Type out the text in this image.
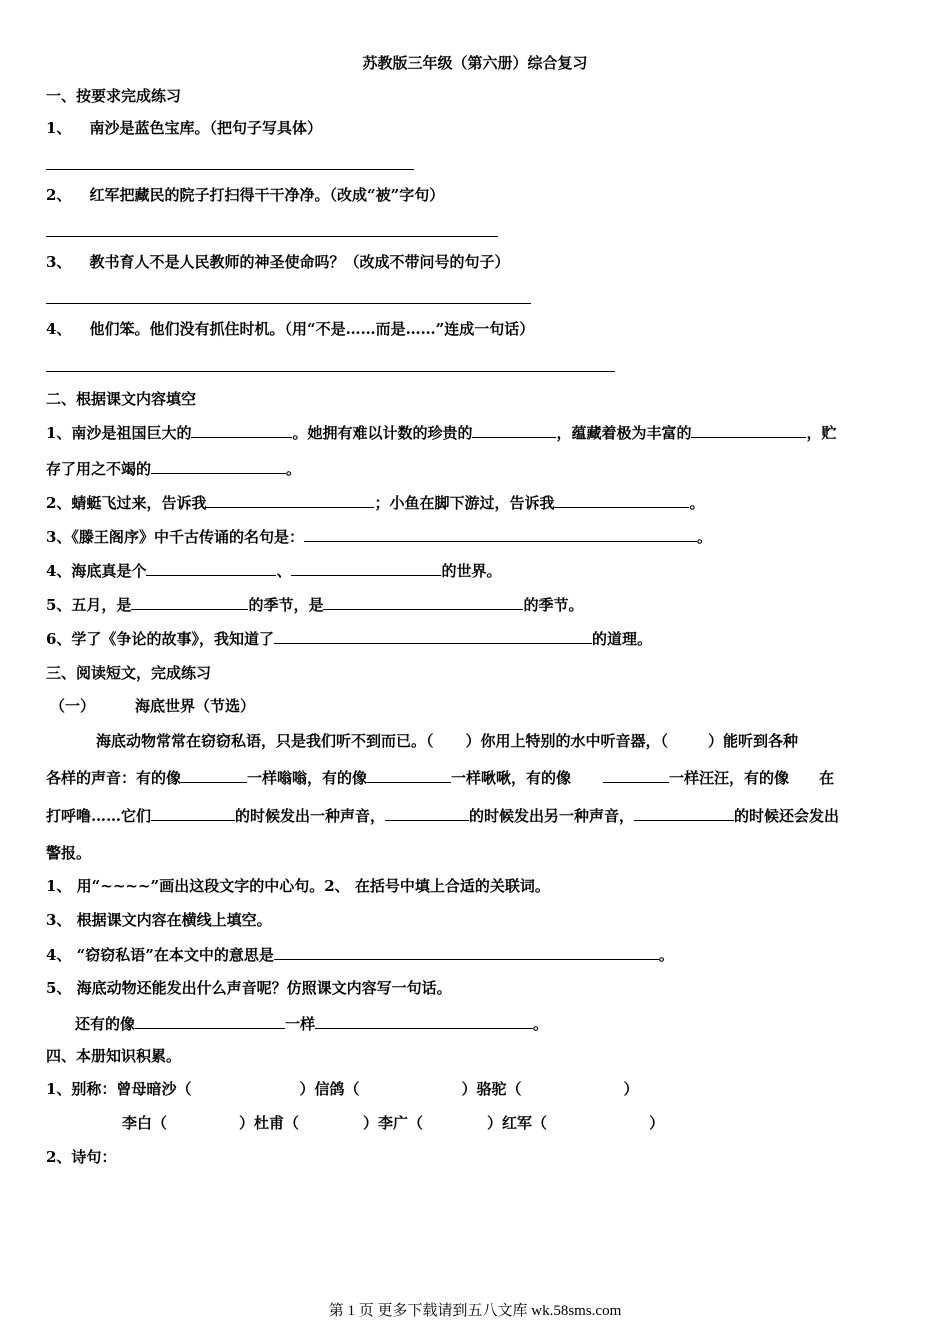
苏教版三年级（第六册）综合复习
一、按要求完成练习
1、 南沙是蓝色宝库。（把句子写具体）
2、 红军把藏民的院子打扫得干干净净。（改成“被”字句）
3、 教书育人不是人民教师的神圣使命吗？（改成不带问号的句子）
4、 他们笨。他们没有抓住时机。（用“不是……而是……”连成一句话）
二、根据课文内容填空
1、南沙是祖国巨大的	。她拥有难以计数的珍贵的	，蕴藏着极为丰富的	，贮
存了用之不竭的	。
2、蜻蜓飞过来，告诉我	；小鱼在脚下游过，告诉我	。
3、《滕王阁序》中千古传诵的名句是：	。
4、海底真是个	、	的世界。
5、五月，是	的季节，是	的季节。
6、学了《争论的故事》，我知道了	的道理。
三、阅读短文，完成练习
（一）	海底世界（节选）
海底动物常常在窃窃私语，只是我们听不到而已。（ ）你用上特别的水中听音器，（	）能听到各种
各样的声音：有的像	一样嗡嗡，有的像	一样啾啾，有的像	一样汪汪，有的像 在
打呼噜……它们	的时候发出一种声音，	的时候发出另一种声音，	的时候还会发出
警报。
1、 用“~~~~”画出这段文字的中心句。2、 在括号中填上合适的关联词。
3、 根据课文内容在横线上填空。
4、 “窃窃私语”在本文中的意思是	。
5、 海底动物还能发出什么声音呢？仿照课文内容写一句话。
还有的像	一样	。
四、本册知识积累。
1、别称：曾母暗沙（	）信鸽（	）骆驼（	）
李白（	）杜甫（	）李广（	）红军（	）
2、诗句：
第 1 页 更多下载请到五八文库 wk.58sms.com
